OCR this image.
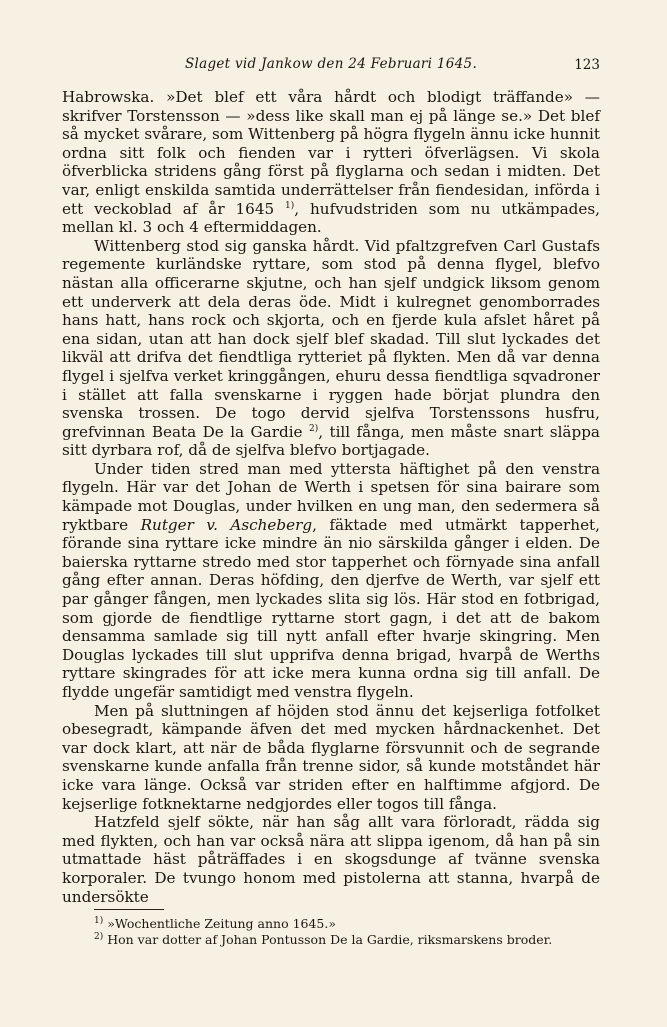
Slaget vid Jankow den 24 Februari 1645.	123

Habrowska. »Det blef ett våra hårdt och blodigt träffande» — skrifver Torstensson — »dess like skall man ej på länge se.» Det blef så mycket svårare, som Wittenberg på högra flygeln ännu icke hunnit ordna sitt folk och fienden var i rytteri öfverlägsen. Vi skola öfverblicka stridens gång först på flyglarna och sedan i midten. Det var, enligt enskilda samtida underrättelser från fiendesidan, införda i ett veckoblad af år 1645 $^{1)}$, hufvudstriden som nu utkämpades, mellan kl. 3 och 4 eftermiddagen.

Wittenberg stod sig ganska hårdt. Vid pfaltzgrefven Carl Gustafs regemente kurländske ryttare, som stod på denna flygel, blefvo nästan alla officerarne skjutne, och han sjelf undgick liksom genom ett underverk att dela deras öde. Midt i kulregnet genomborrades hans hatt, hans rock och skjorta, och en fjerde kula afslet håret på ena sidan, utan att han dock sjelf blef skadad. Till slut lyckades det likväl att drifva det fiendtliga rytteriet på flykten. Men då var denna flygel i sjelfva verket kringgången, ehuru dessa fiendtliga sqvadroner i stället att falla svenskarne i ryggen hade börjat plundra den svenska trossen. De togo dervid sjelfva Torstenssons husfru, grefvinnan Beata De la Gardie $^{2)}$, till fånga, men måste snart släppa sitt dyrbara rof, då de sjelfva blefvo bortjagade.

Under tiden stred man med yttersta häftighet på den venstra flygeln. Här var det Johan de Werth i spetsen för sina bairare som kämpade mot Douglas, under hvilken en ung man, den sedermera så ryktbare Rutger v. Ascheberg, fäktade med utmärkt tapperhet, förande sina ryttare icke mindre än nio särskilda gånger i elden. De baierska ryttarne stredo med stor tapperhet och förnyade sina anfall gång efter annan. Deras höfding, den djerfve de Werth, var sjelf ett par gånger fången, men lyckades slita sig lös. Här stod en fotbrigad, som gjorde de fiendtlige ryttarne stort gagn, i det att de bakom densamma samlade sig till nytt anfall efter hvarje skingring. Men Douglas lyckades till slut upprifva denna brigad, hvarpå de Werths ryttare skingrades för att icke mera kunna ordna sig till anfall. De flydde ungefär samtidigt med venstra flygeln.

Men på sluttningen af höjden stod ännu det kejserliga fotfolket obesegradt, kämpande äfven det med mycken hårdnackenhet. Det var dock klart, att när de båda flyglarne försvunnit och de segrande svenskarne kunde anfalla från trenne sidor, så kunde motståndet här icke vara länge. Också var striden efter en halftimme afgjord. De kejserlige fotknektarne nedgjordes eller togos till fånga.

Hatzfeld sjelf sökte, när han såg allt vara förloradt, rädda sig med flykten, och han var också nära att slippa igenom, då han på sin utmattade häst påträffades i en skogsdunge af tvänne svenska korporaler. De tvungo honom med pistolerna att stanna, hvarpå de undersökte

$^{1)}$ »Wochentliche Zeitung anno 1645.»

$^{2)}$ Hon var dotter af Johan Pontusson De la Gardie, riksmarskens broder.
